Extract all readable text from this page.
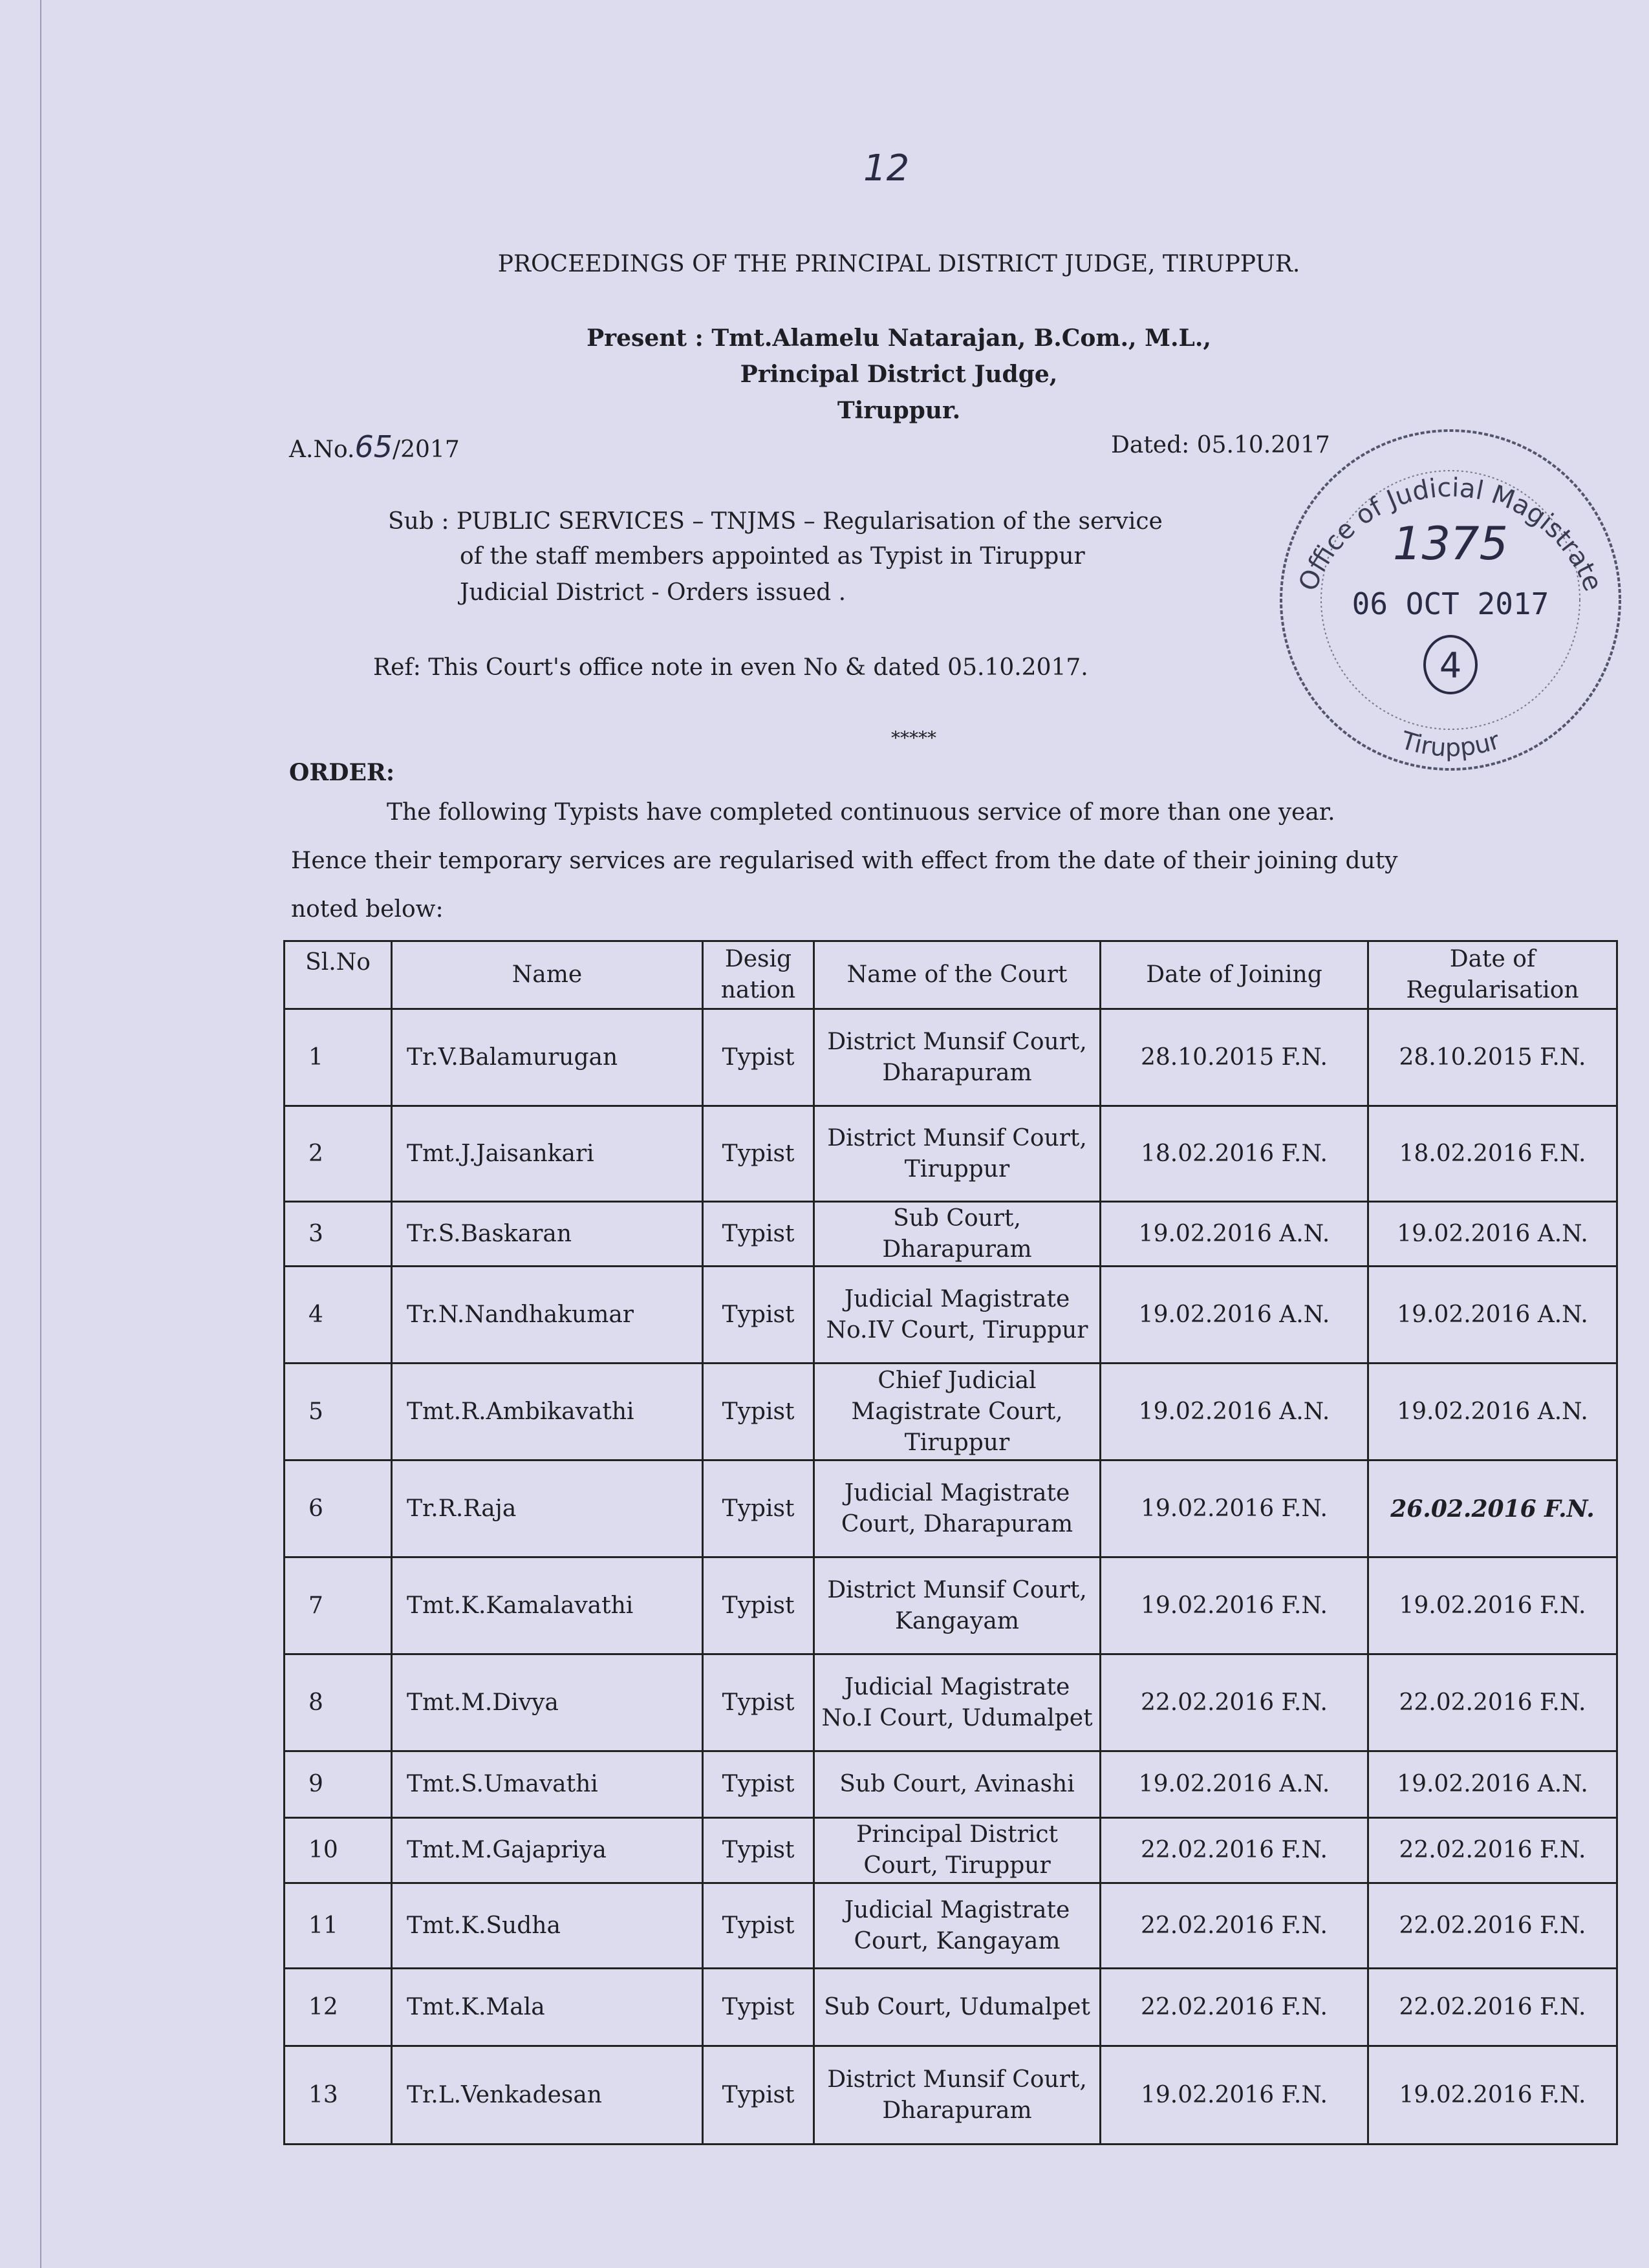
12
PROCEEDINGS OF THE PRINCIPAL DISTRICT JUDGE, TIRUPPUR.
Present : Tmt.Alamelu Natarajan, B.Com., M.L.,
Principal District Judge,
Tiruppur.
A.No.65/2017	Dated: 05.10.2017
Sub : PUBLIC SERVICES – TNJMS – Regularisation of the service
of the staff members appointed as Typist in Tiruppur
Judicial District - Orders issued .
Ref: This Court's office note in even No & dated 05.10.2017.
*****
ORDER:
The following Typists have completed continuous service of more than one year.
Hence their temporary services are regularised with effect from the date of their joining duty
noted below:
Office of Judicial Magistrate
Tiruppur
1375
06 OCT 2017
4
Sl.No	Name	Desig nation	Name of the Court	Date of Joining	Date of Regularisation
1	Tr.V.Balamurugan	Typist	District Munsif Court, Dharapuram	28.10.2015 F.N.	28.10.2015 F.N.
2	Tmt.J.Jaisankari	Typist	District Munsif Court, Tiruppur	18.02.2016 F.N.	18.02.2016 F.N.
3	Tr.S.Baskaran	Typist	Sub Court, Dharapuram	19.02.2016 A.N.	19.02.2016 A.N.
4	Tr.N.Nandhakumar	Typist	Judicial Magistrate No.IV Court, Tiruppur	19.02.2016 A.N.	19.02.2016 A.N.
5	Tmt.R.Ambikavathi	Typist	Chief Judicial Magistrate Court, Tiruppur	19.02.2016 A.N.	19.02.2016 A.N.
6	Tr.R.Raja	Typist	Judicial Magistrate Court, Dharapuram	19.02.2016 F.N.	26.02.2016 F.N.
7	Tmt.K.Kamalavathi	Typist	District Munsif Court, Kangayam	19.02.2016 F.N.	19.02.2016 F.N.
8	Tmt.M.Divya	Typist	Judicial Magistrate No.I Court, Udumalpet	22.02.2016 F.N.	22.02.2016 F.N.
9	Tmt.S.Umavathi	Typist	Sub Court, Avinashi	19.02.2016 A.N.	19.02.2016 A.N.
10	Tmt.M.Gajapriya	Typist	Principal District Court, Tiruppur	22.02.2016 F.N.	22.02.2016 F.N.
11	Tmt.K.Sudha	Typist	Judicial Magistrate Court, Kangayam	22.02.2016 F.N.	22.02.2016 F.N.
12	Tmt.K.Mala	Typist	Sub Court, Udumalpet	22.02.2016 F.N.	22.02.2016 F.N.
13	Tr.L.Venkadesan	Typist	District Munsif Court, Dharapuram	19.02.2016 F.N.	19.02.2016 F.N.
